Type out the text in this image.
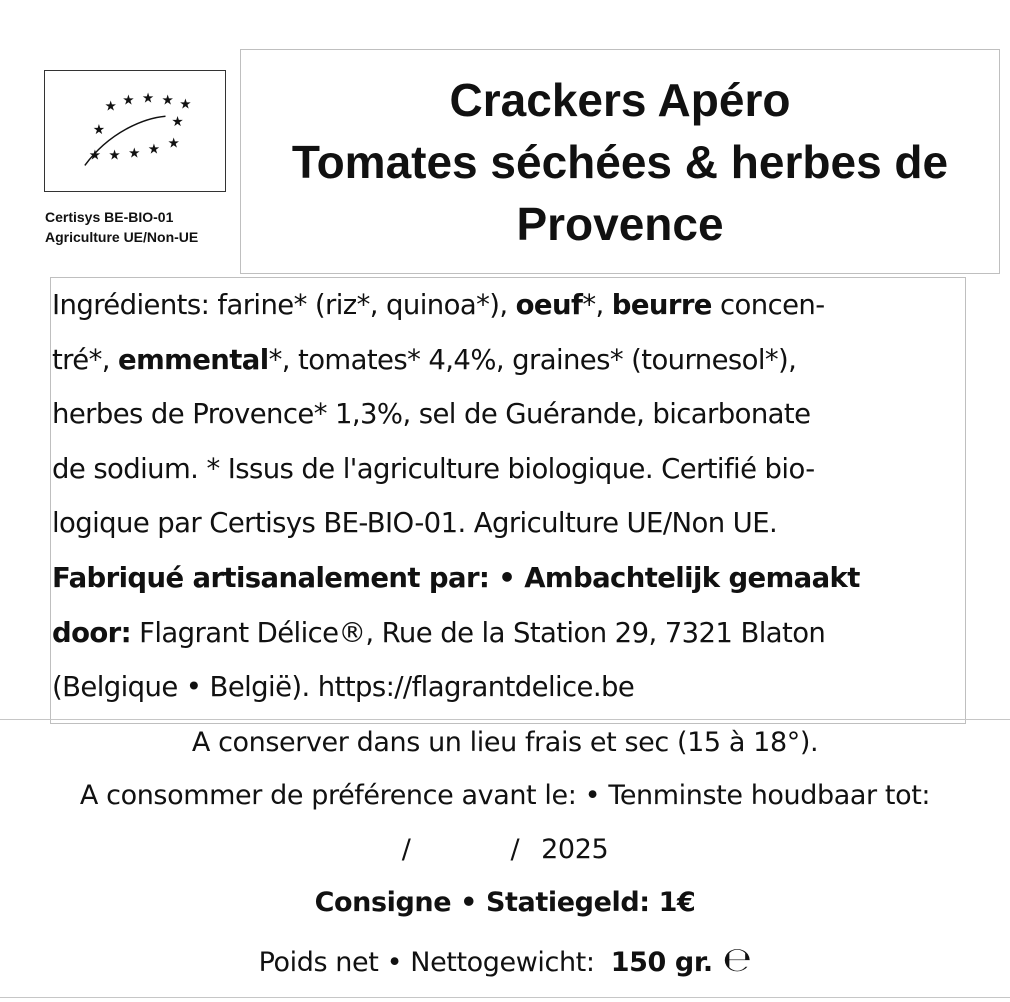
★ ★ ★ ★ ★
★	★
★ ★ ★ ★ ★
Certisys BE-BIO-01
Agriculture UE/Non-UE
Crackers Apéro
Tomates séchées & herbes de
Provence
Ingrédients: farine* (riz*, quinoa*), oeuf*, beurre concen-
tré*, emmental*, tomates* 4,4%, graines* (tournesol*),
herbes de Provence* 1,3%, sel de Guérande, bicarbonate
de sodium. * Issus de l'agriculture biologique. Certifié bio-
logique par Certisys BE-BIO-01. Agriculture UE/Non UE.
Fabriqué artisanalement par: • Ambachtelijk gemaakt
door: Flagrant Délice®, Rue de la Station 29, 7321 Blaton
(Belgique • België). https://flagrantdelice.be
A conserver dans un lieu frais et sec (15 à 18°).
A consommer de préférence avant le: • Tenminste houdbaar tot:
/	/ 2025
Consigne • Statiegeld: 1€
Poids net • Nettogewicht: 150 gr. ℮
